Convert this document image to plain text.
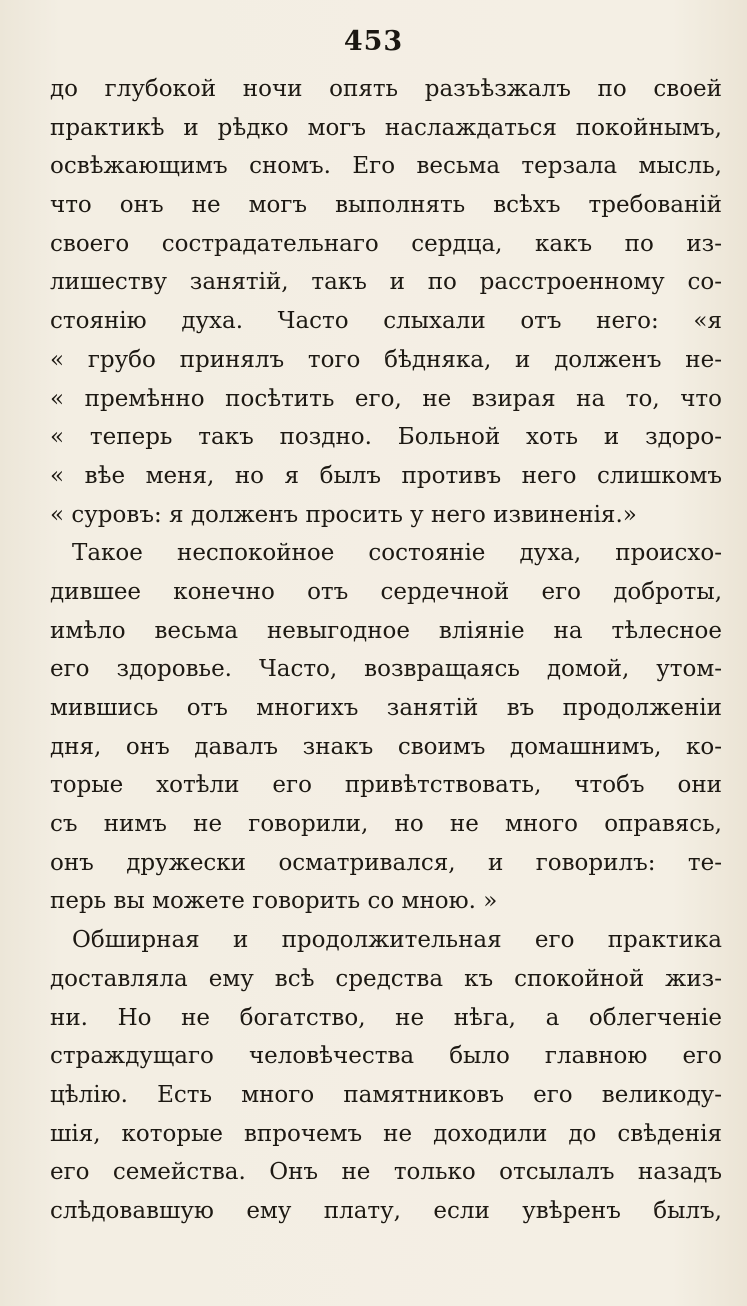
453
до глубокой ночи опять разъѣзжалъ по своей
практикѣ и рѣдко могъ наслаждаться покойнымъ,
освѣжающимъ сномъ. Его весьма терзала мысль,
что онъ не могъ выполнять всѣхъ требованій
своего сострадательнаго сердца, какъ по из-
лишеству занятій, такъ и по расстроенному со-
стоянію духа. Часто слыхали отъ него: «я
« грубо принялъ того бѣдняка, и долженъ не-
« премѣнно посѣтить его, не взирая на то, что
« теперь такъ поздно. Больной хоть и здоро-
« вѣе меня, но я былъ противъ него слишкомъ
« суровъ: я долженъ просить у него извиненія.»
Такое неспокойное состояніе духа, происхо-
дившее конечно отъ сердечной его доброты,
имѣло весьма невыгодное вліяніе на тѣлесное
его здоровье. Часто, возвращаясь домой, утом-
мившись отъ многихъ занятій въ продолженіи
дня, онъ давалъ знакъ своимъ домашнимъ, ко-
торые хотѣли его привѣтствовать, чтобъ они
съ нимъ не говорили, но не много оправясь,
онъ дружески осматривался, и говорилъ: те-
перь вы можете говорить со мною. »
Обширная и продолжительная его практика
доставляла ему всѣ средства къ спокойной жиз-
ни. Но не богатство, не нѣга, а облегченіе
страждущаго человѣчества было главною его
цѣлію. Есть много памятниковъ его великоду-
шія, которые впрочемъ не доходили до свѣденія
его семейства. Онъ не только отсылалъ назадъ
слѣдовавшую ему плату, если увѣренъ былъ,
